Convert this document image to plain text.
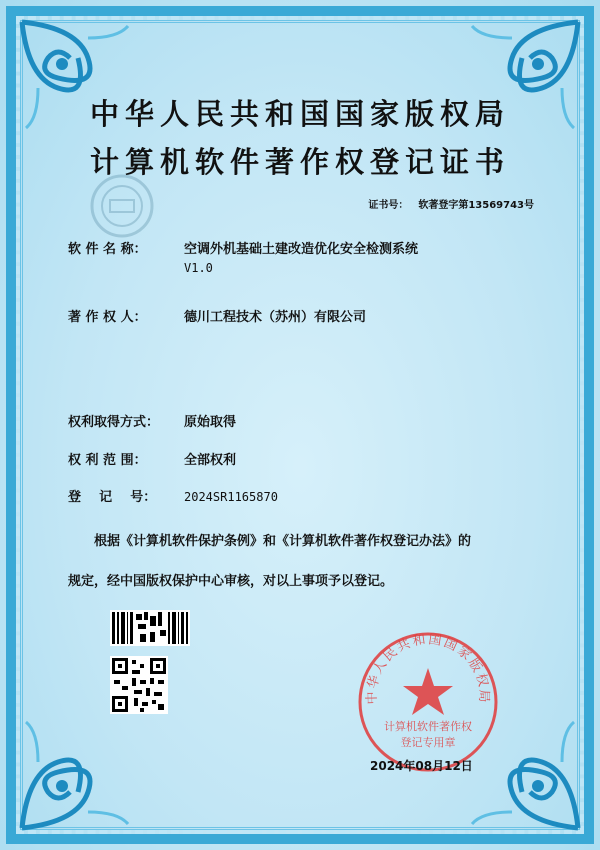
中华人民共和国国家版权局
计算机软件著作权登记证书
证书号： 软著登字第13569743号
软 件 名 称：	空调外机基础土建改造优化安全检测系统
V1.0
著 作 权 人：	德川工程技术（苏州）有限公司
权利取得方式： 原始取得
权 利 范 围：	全部权利
登    记    号： 2024SR1165870
根据《计算机软件保护条例》和《计算机软件著作权登记办法》的
规定，经中国版权保护中心审核，对以上事项予以登记。
中华人民共和国国家版权局
计算机软件著作权
登记专用章
2024年08月12日
